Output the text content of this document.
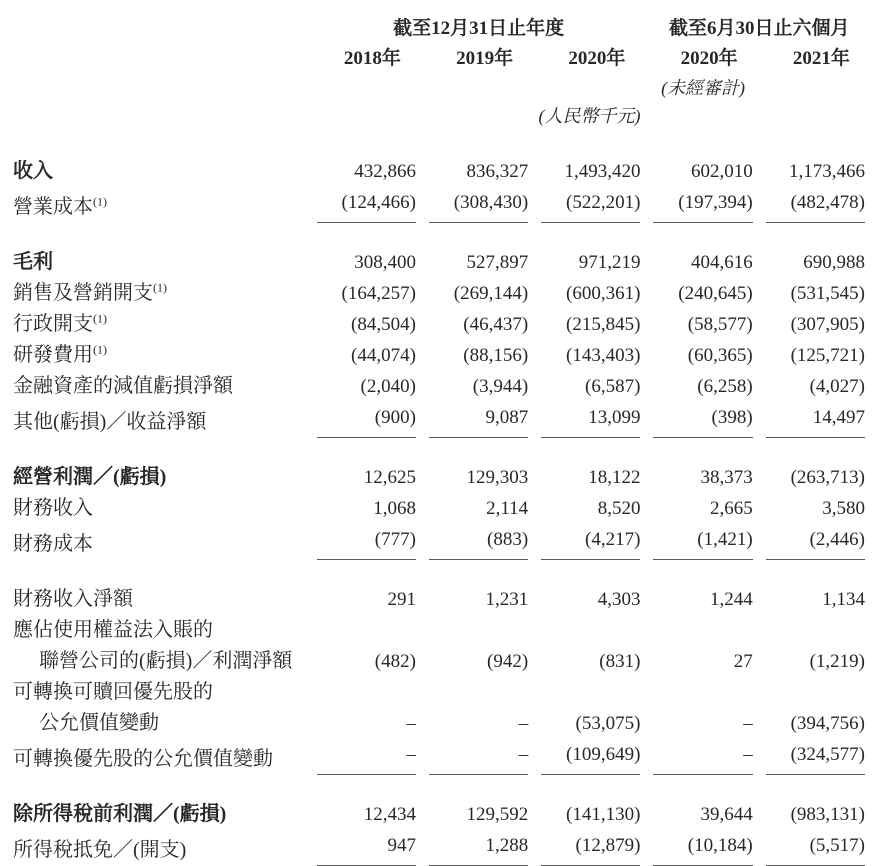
	截至12月31日止年度			截至6月30日止六個月	
	2018年	2019年	2020年	2020年	2021年
				(未經審計)	
	(人民幣千元)				
收入	432,866	836,327	1,493,420	602,010	1,173,466
營業成本$^{(1)}$	(124,466)	(308,430)	(522,201)	(197,394)	(482,478)

毛利	308,400	527,897	971,219	404,616	690,988
銷售及營銷開支$^{(1)}$	(164,257)	(269,144)	(600,361)	(240,645)	(531,545)
行政開支$^{(1)}$	(84,504)	(46,437)	(215,845)	(58,577)	(307,905)
研發費用$^{(1)}$	(44,074)	(88,156)	(143,403)	(60,365)	(125,721)
金融資產的減值虧損淨額	(2,040)	(3,944)	(6,587)	(6,258)	(4,027)
其他(虧損)／收益淨額	(900)	9,087	13,099	(398)	14,497

經營利潤／(虧損)	12,625	129,303	18,122	38,373	(263,713)
財務收入	1,068	2,114	8,520	2,665	3,580
財務成本	(777)	(883)	(4,217)	(1,421)	(2,446)

財務收入淨額	291	1,231	4,303	1,244	1,134
應佔使用權益法入賬的					
聯營公司的(虧損)／利潤淨額	(482)	(942)	(831)	27	(1,219)
可轉換可贖回優先股的					
公允價值變動	–	–	(53,075)	–	(394,756)
可轉換優先股的公允價值變動	–	–	(109,649)	–	(324,577)

除所得稅前利潤／(虧損)	12,434	129,592	(141,130)	39,644	(983,131)
所得稅抵免／(開支)	947	1,288	(12,879)	(10,184)	(5,517)
